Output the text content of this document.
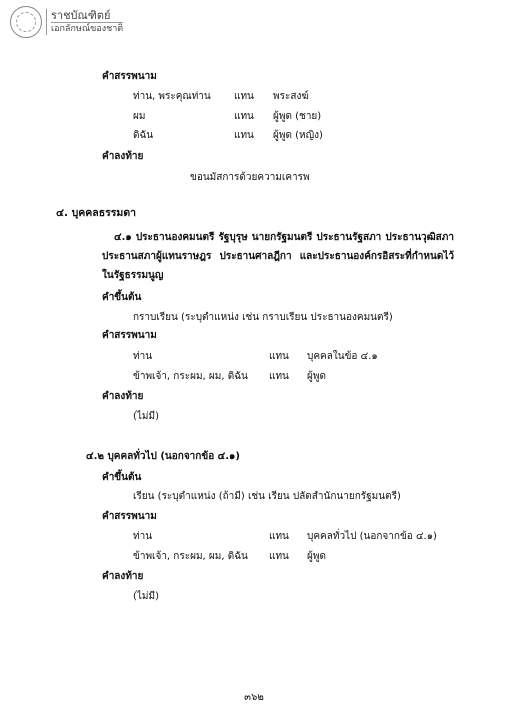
ราชบัณฑิตย์
เอกลักษณ์ของชาติ
คำสรรพนาม
ท่าน, พระคุณท่าน แทน พระสงฆ์
ผม	แทน ผู้พูด (ชาย)
ดิฉัน	แทน ผู้พูด (หญิง)
คำลงท้าย
ขอนมัสการด้วยความเคารพ
๔. บุคคลธรรมดา
๔.๑ ประธานองคมนตรี รัฐบุรุษ นายกรัฐมนตรี ประธานรัฐสภา ประธานวุฒิสภา ประธานสภาผู้แทนราษฎร ประธานศาลฎีกา และประธานองค์กรอิสระที่กำหนดไว้ในรัฐธรรมนูญ
คำขึ้นต้น
กราบเรียน (ระบุตำแหน่ง เช่น กราบเรียน ประธานองคมนตรี)
คำสรรพนาม
ท่าน	แทน บุคคลในข้อ ๔.๑
ข้าพเจ้า, กระผม, ผม, ดิฉัน แทน ผู้พูด
คำลงท้าย
(ไม่มี)
๔.๒ บุคคลทั่วไป (นอกจากข้อ ๔.๑)
คำขึ้นต้น
เรียน (ระบุตำแหน่ง (ถ้ามี) เช่น เรียน ปลัดสำนักนายกรัฐมนตรี)
คำสรรพนาม
ท่าน	แทน บุคคลทั่วไป (นอกจากข้อ ๔.๑)
ข้าพเจ้า, กระผม, ผม, ดิฉัน แทน ผู้พูด
คำลงท้าย
(ไม่มี)
๓๖๒
